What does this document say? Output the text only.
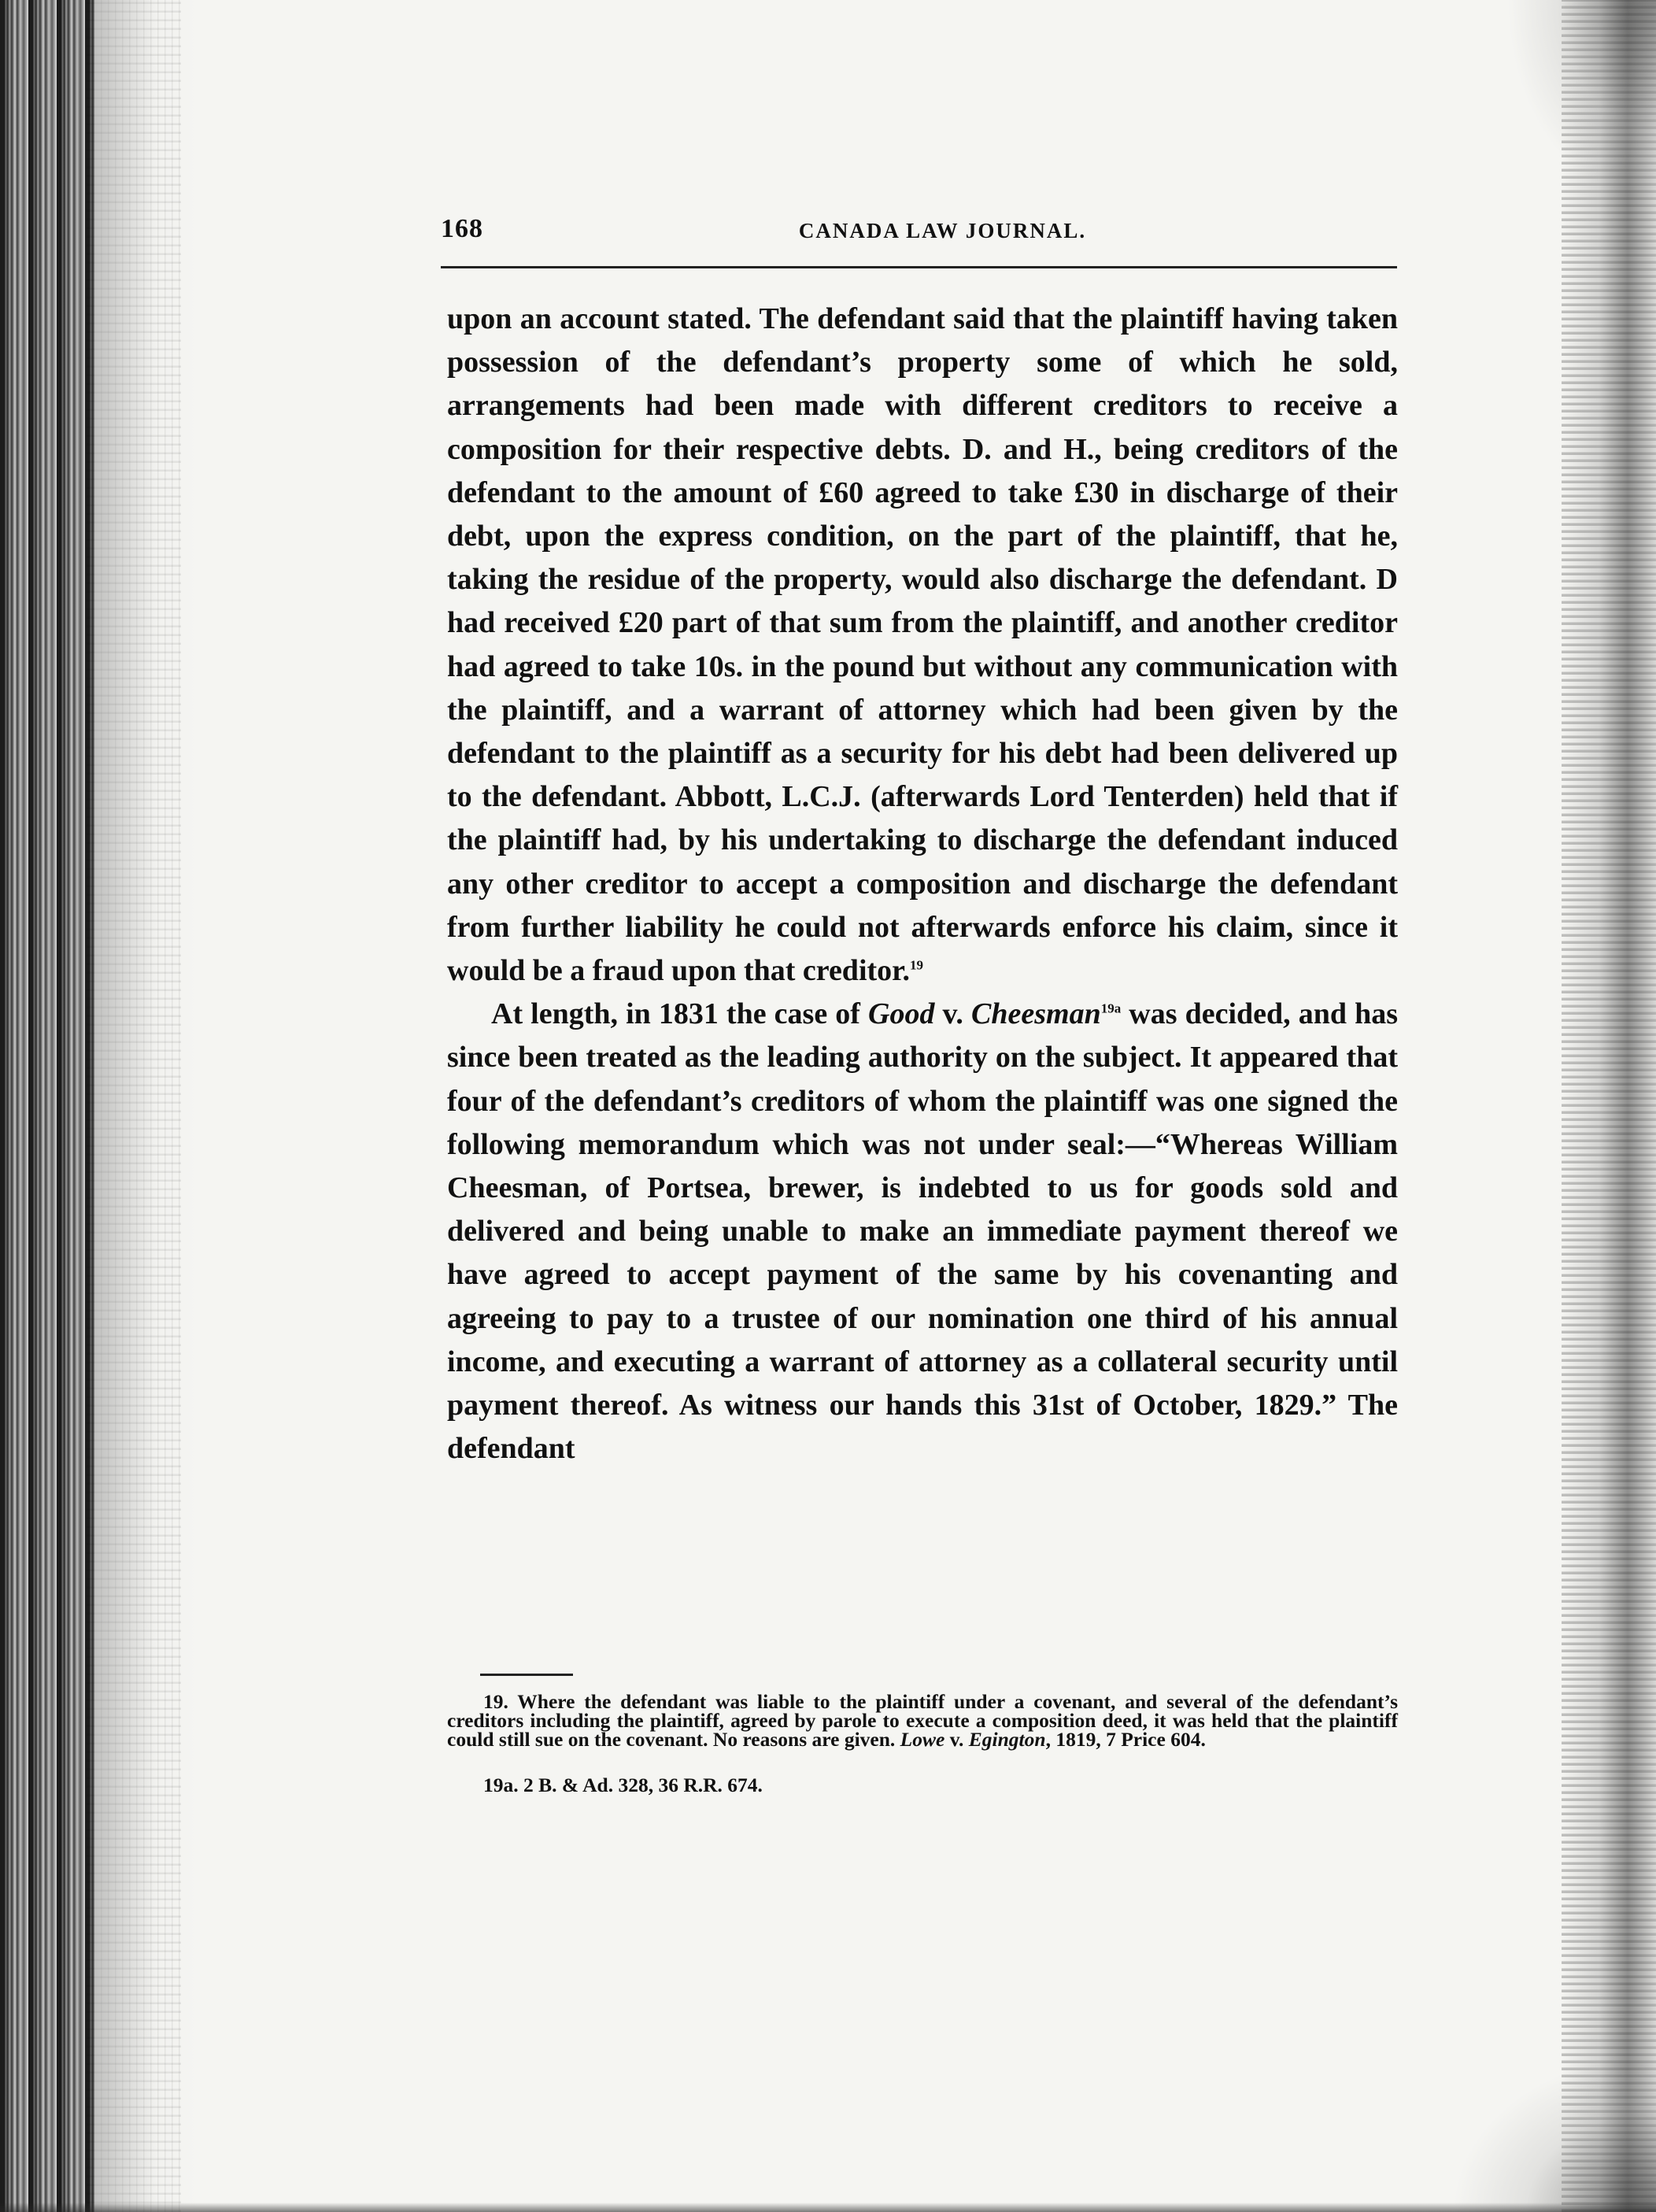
168	CANADA LAW JOURNAL.

upon an account stated. The defendant said that the plaintiff having taken possession of the defendant’s property some of which he sold, arrangements had been made with different creditors to receive a composition for their respective debts. D. and H., being creditors of the defendant to the amount of £60 agreed to take £30 in discharge of their debt, upon the express condition, on the part of the plaintiff, that he, taking the residue of the property, would also discharge the defendant. D had received £20 part of that sum from the plaintiff, and another creditor had agreed to take 10s. in the pound but without any communication with the plaintiff, and a warrant of attorney which had been given by the defendant to the plaintiff as a security for his debt had been delivered up to the defendant. Abbott, L.C.J. (afterwards Lord Tenterden) held that if the plaintiff had, by his undertaking to discharge the defendant induced any other creditor to accept a composition and discharge the defendant from further liability he could not afterwards enforce his claim, since it would be a fraud upon that creditor.$^{19}$

At length, in 1831 the case of Good v. Cheesman$^{19a}$ was decided, and has since been treated as the leading authority on the subject. It appeared that four of the defendant’s creditors of whom the plaintiff was one signed the following memorandum which was not under seal:—“Whereas William Cheesman, of Portsea, brewer, is indebted to us for goods sold and delivered and being unable to make an immediate payment thereof we have agreed to accept payment of the same by his covenanting and agreeing to pay to a trustee of our nomination one third of his annual income, and executing a warrant of attorney as a collateral security until payment thereof. As witness our hands this 31st of October, 1829.” The defendant

19. Where the defendant was liable to the plaintiff under a covenant, and several of the defendant’s creditors including the plaintiff, agreed by parole to execute a composition deed, it was held that the plaintiff could still sue on the covenant. No reasons are given. Lowe v. Egington, 1819, 7 Price 604.

19a. 2 B. & Ad. 328, 36 R.R. 674.
